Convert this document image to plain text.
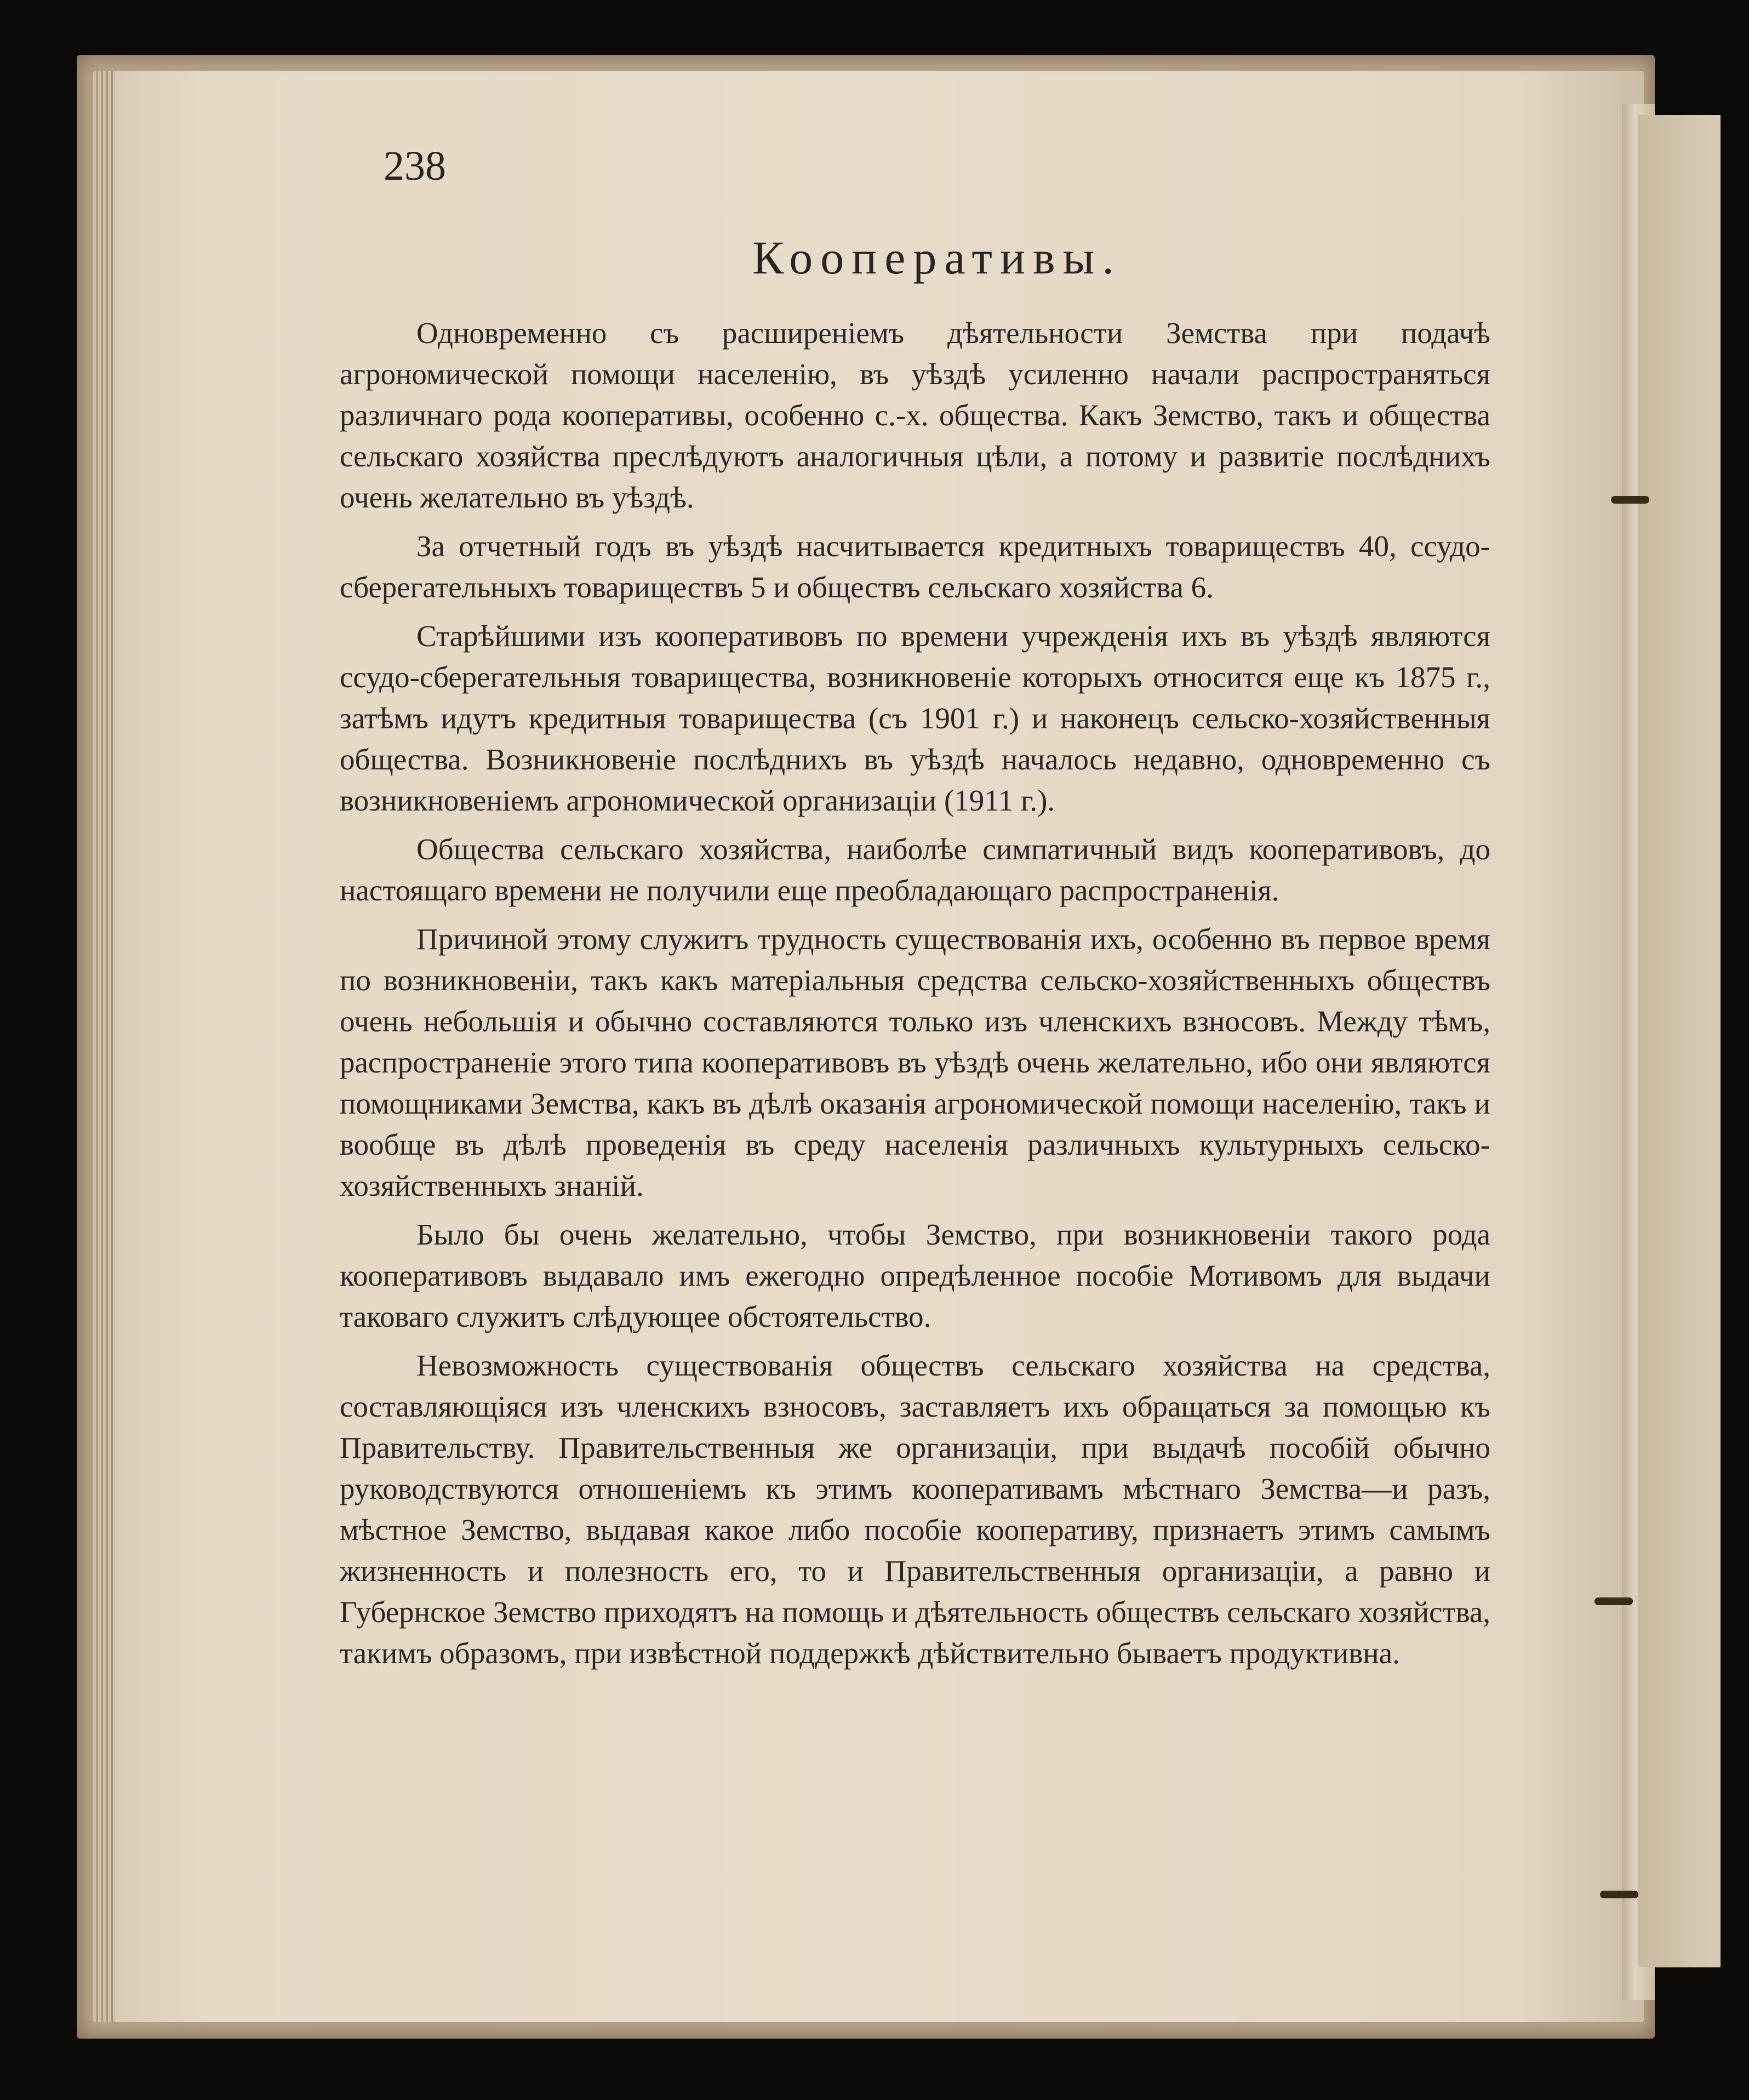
238
Кооперативы.

Одновременно съ расширеніемъ дѣятельности Земства при подачѣ агрономической помощи населенію, въ уѣздѣ усиленно начали распространяться различнаго рода кооперативы, особенно с.-х. общества. Какъ Земство, такъ и общества сельскаго хозяйства преслѣдуютъ аналогичныя цѣли, а потому и развитіе послѣднихъ очень желательно въ уѣздѣ.

За отчетный годъ въ уѣздѣ насчитывается кредитныхъ товариществъ 40, ссудо-сберегательныхъ товариществъ 5 и обществъ сельскаго хозяйства 6.

Старѣйшими изъ кооперативовъ по времени учрежденія ихъ въ уѣздѣ являются ссудо-сберегательныя товарищества, возникновеніе которыхъ относится еще къ 1875 г., затѣмъ идутъ кредитныя товарищества (съ 1901 г.) и наконецъ сельско-хозяйственныя общества. Возникновеніе послѣднихъ въ уѣздѣ началось недавно, одновременно съ возникновеніемъ агрономической организаціи (1911 г.).

Общества сельскаго хозяйства, наиболѣе симпатичный видъ кооперативовъ, до настоящаго времени не получили еще преобладающаго распространенія.

Причиной этому служитъ трудность существованія ихъ, особенно въ первое время по возникновеніи, такъ какъ матеріальныя средства сельско-хозяйственныхъ обществъ очень небольшія и обычно составляются только изъ членскихъ взносовъ. Между тѣмъ, распространеніе этого типа кооперативовъ въ уѣздѣ очень желательно, ибо они являются помощниками Земства, какъ въ дѣлѣ оказанія агрономической помощи населенію, такъ и вообще въ дѣлѣ проведенія въ среду населенія различныхъ культурныхъ сельско-хозяйственныхъ знаній.

Было бы очень желательно, чтобы Земство, при возникновеніи такого рода кооперативовъ выдавало имъ ежегодно опредѣленное пособіе Мотивомъ для выдачи таковаго служитъ слѣдующее обстоятельство.

Невозможность существованія обществъ сельскаго хозяйства на средства, составляющіяся изъ членскихъ взносовъ, заставляетъ ихъ обращаться за помощью къ Правительству. Правительственныя же организаціи, при выдачѣ пособій обычно руководствуются отношеніемъ къ этимъ кооперативамъ мѣстнаго Земства—и разъ, мѣстное Земство, выдавая какое либо пособіе кооперативу, признаетъ этимъ самымъ жизненность и полезность его, то и Правительственныя организаціи, а равно и Губернское Земство приходятъ на помощь и дѣятельность обществъ сельскаго хозяйства, такимъ образомъ, при извѣстной поддержкѣ дѣйствительно бываетъ продуктивна.
